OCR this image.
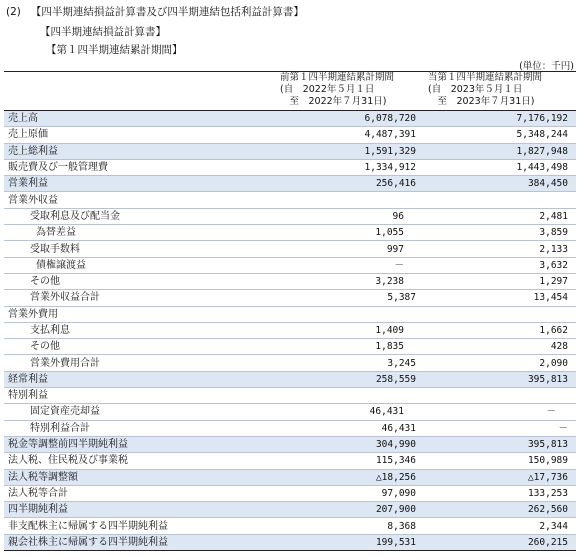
(2) 【四半期連結損益計算書及び四半期連結包括利益計算書】
【四半期連結損益計算書】
【第１四半期連結累計期間】
(単位：千円)
	前第１四半期連結累計期間	当第１四半期連結累計期間
	(自　2022年５月１日	(自　2023年５月１日
	　至　2022年７月31日)	　至　2023年７月31日)
売上高	6,078,720	7,176,192
売上原価	4,487,391	5,348,244
売上総利益	1,591,329	1,827,948
販売費及び一般管理費	1,334,912	1,443,498
営業利益	256,416	384,450
営業外収益		
受取利息及び配当金	96	2,481
為替差益	1,055	3,859
受取手数料	997	2,133
債権譲渡益	－	3,632
その他	3,238	1,297
営業外収益合計	5,387	13,454
営業外費用		
支払利息	1,409	1,662
その他	1,835	428
営業外費用合計	3,245	2,090
経常利益	258,559	395,813
特別利益		
固定資産売却益	46,431	－
特別利益合計	46,431	－
税金等調整前四半期純利益	304,990	395,813
法人税、住民税及び事業税	115,346	150,989
法人税等調整額	△18,256	△17,736
法人税等合計	97,090	133,253
四半期純利益	207,900	262,560
非支配株主に帰属する四半期純利益	8,368	2,344
親会社株主に帰属する四半期純利益	199,531	260,215
